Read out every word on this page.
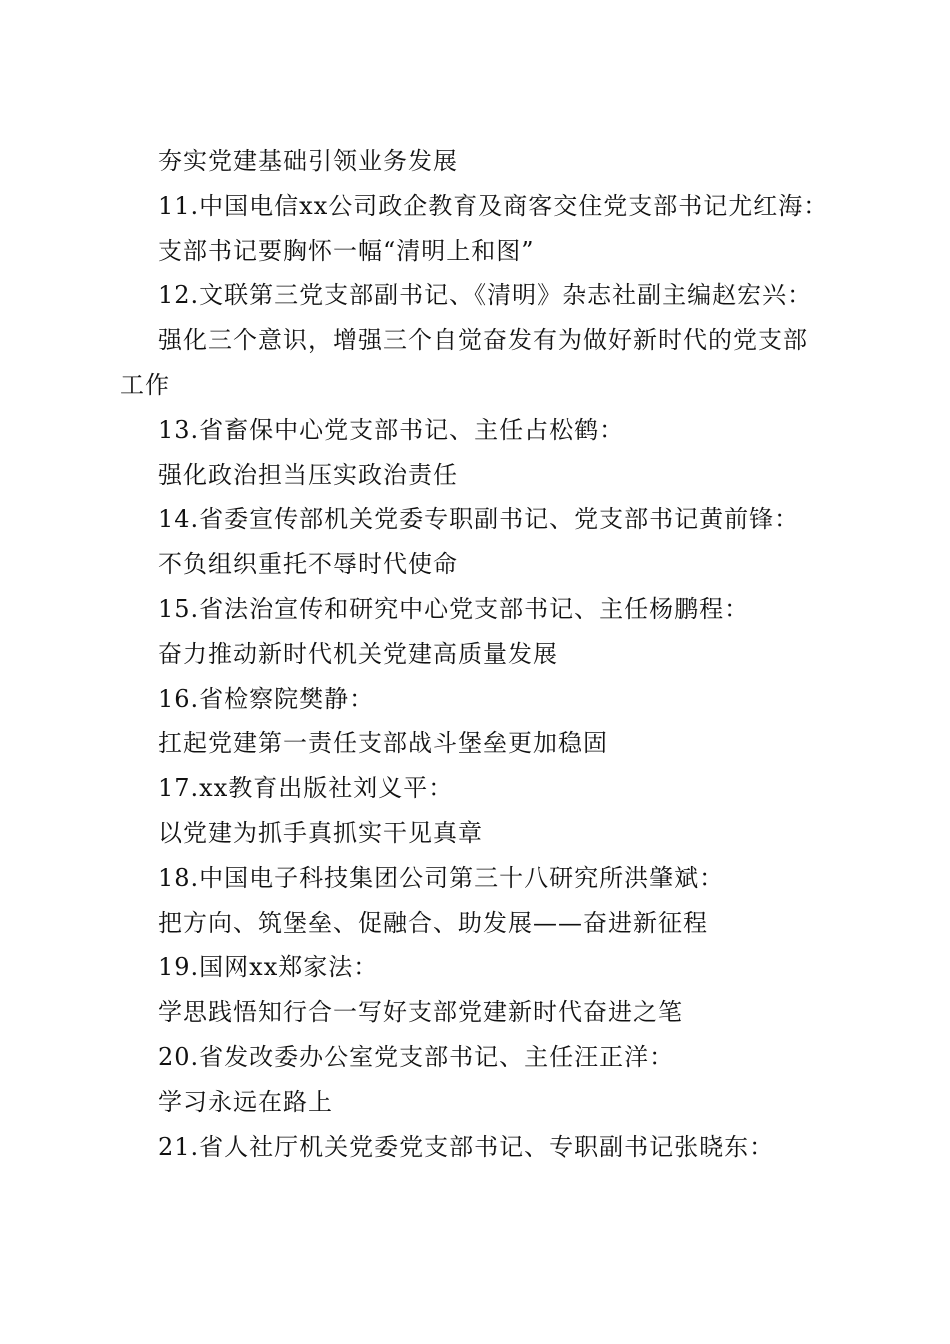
夯实党建基础引领业务发展

11.中国电信xx公司政企教育及商客交住党支部书记尤红海：

支部书记要胸怀一幅“清明上和图”

12.文联第三党支部副书记、《清明》杂志社副主编赵宏兴：

强化三个意识，增强三个自觉奋发有为做好新时代的党支部

工作

13.省畜保中心党支部书记、主任占松鹤：

强化政治担当压实政治责任

14.省委宣传部机关党委专职副书记、党支部书记黄前锋：

不负组织重托不辱时代使命

15.省法治宣传和研究中心党支部书记、主任杨鹏程：

奋力推动新时代机关党建高质量发展

16.省检察院樊静：

扛起党建第一责任支部战斗堡垒更加稳固

17.xx教育出版社刘义平：

以党建为抓手真抓实干见真章

18.中国电子科技集团公司第三十八研究所洪肇斌：

把方向、筑堡垒、促融合、助发展——奋进新征程

19.国网xx郑家法：

学思践悟知行合一写好支部党建新时代奋进之笔

20.省发改委办公室党支部书记、主任汪正洋：

学习永远在路上

21.省人社厅机关党委党支部书记、专职副书记张晓东：
